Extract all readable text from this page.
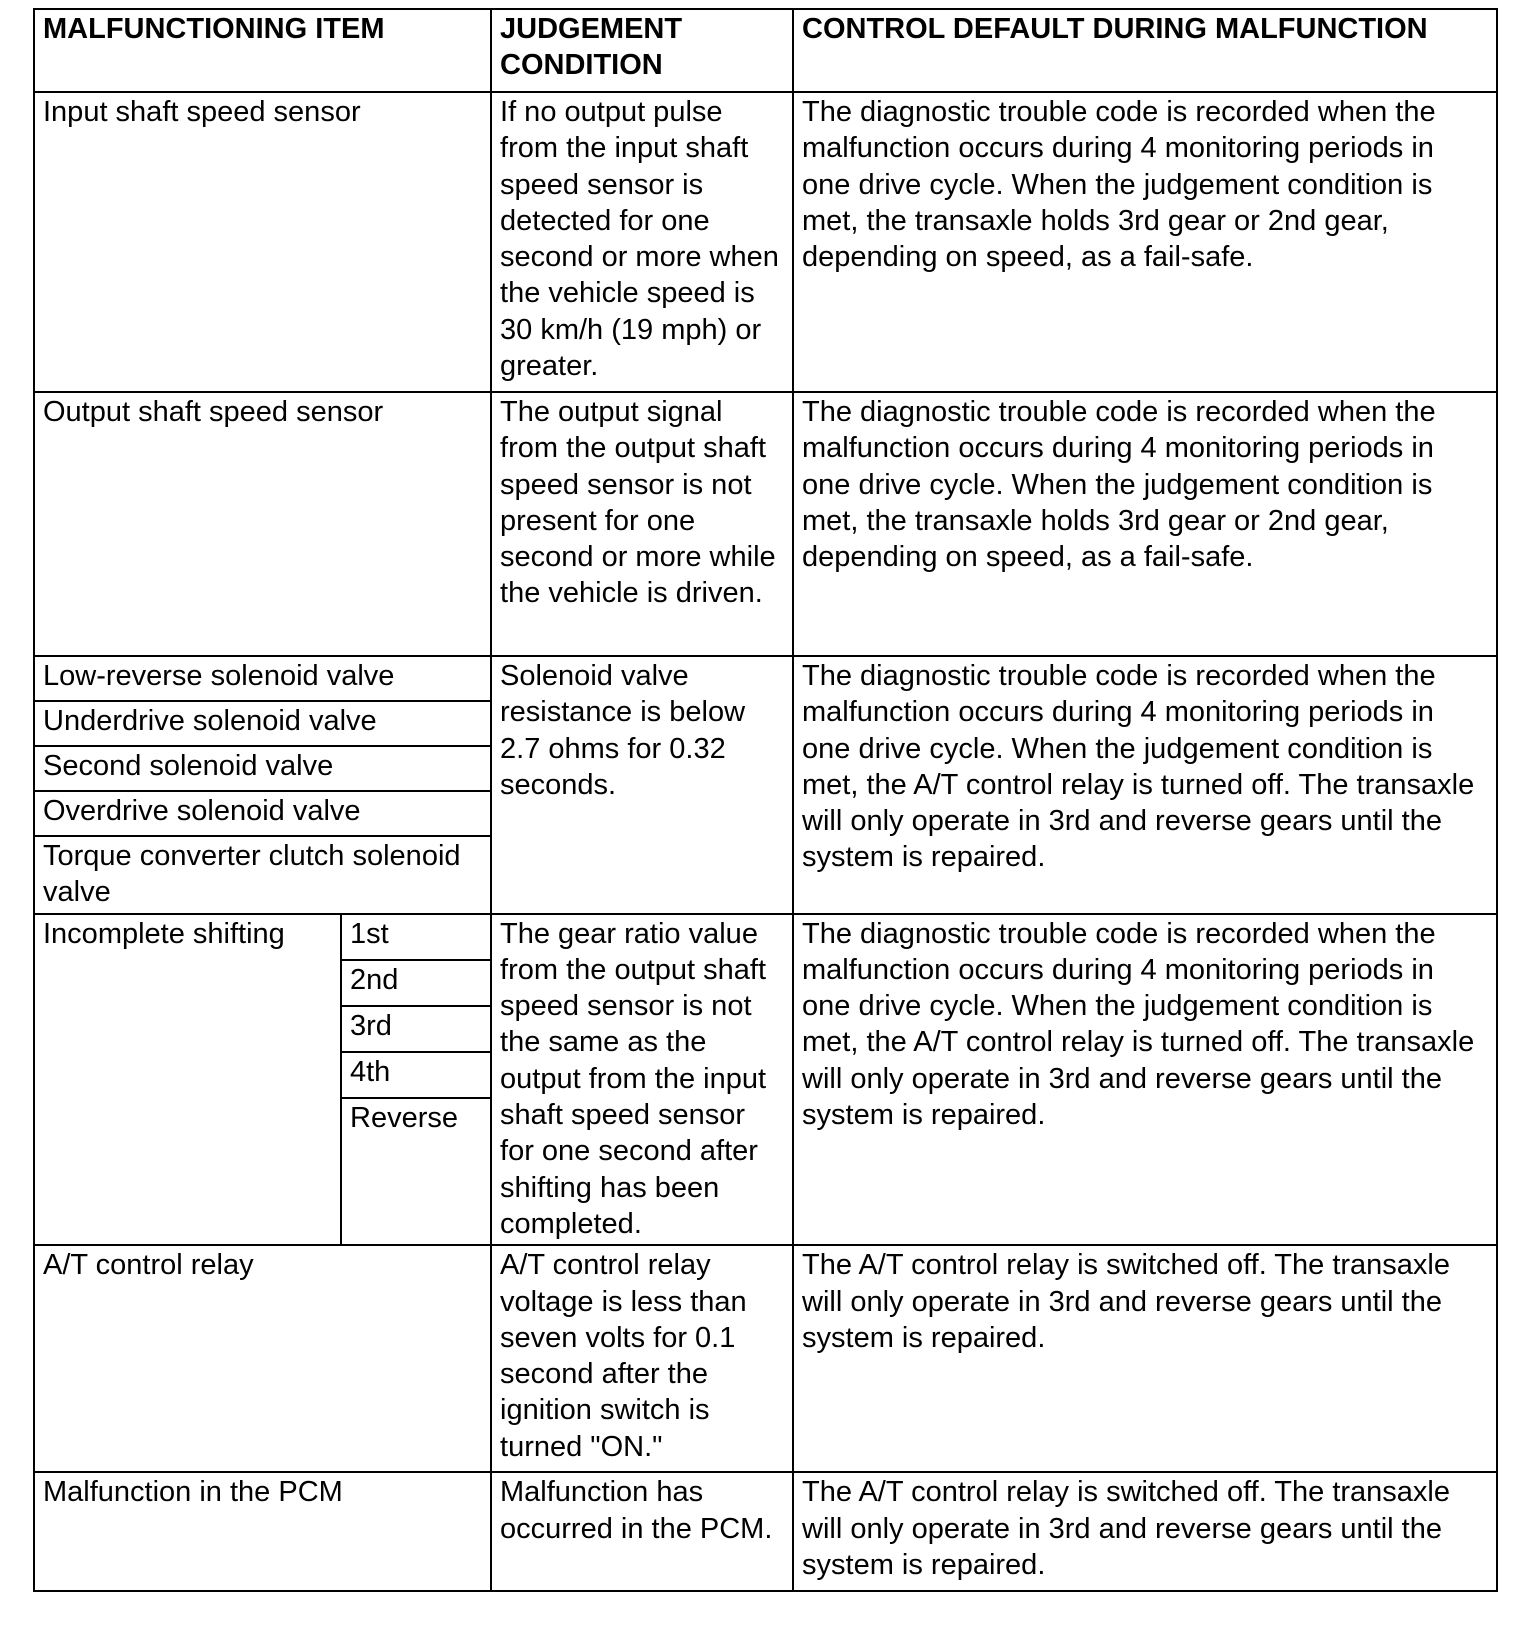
MALFUNCTIONING ITEM		JUDGEMENT CONDITION	CONTROL DEFAULT DURING MALFUNCTION
Input shaft speed sensor		If no output pulse from the input shaft speed sensor is detected for one second or more when the vehicle speed is 30 km/h (19 mph) or greater.	The diagnostic trouble code is recorded when the malfunction occurs during 4 monitoring periods in one drive cycle. When the judgement condition is met, the transaxle holds 3rd gear or 2nd gear, depending on speed, as a fail-safe.
Output shaft speed sensor		The output signal from the output shaft speed sensor is not present for one second or more while the vehicle is driven.	The diagnostic trouble code is recorded when the malfunction occurs during 4 monitoring periods in one drive cycle. When the judgement condition is met, the transaxle holds 3rd gear or 2nd gear, depending on speed, as a fail-safe.
Low-reverse solenoid valve		Solenoid valve resistance is below 2.7 ohms for 0.32 seconds.	The diagnostic trouble code is recorded when the malfunction occurs during 4 monitoring periods in one drive cycle. When the judgement condition is met, the A/T control relay is turned off. The transaxle will only operate in 3rd and reverse gears until the system is repaired.
Underdrive solenoid valve			
Second solenoid valve			
Overdrive solenoid valve			
Torque converter clutch solenoid valve			
Incomplete shifting	1st	The gear ratio value from the output shaft speed sensor is not the same as the output from the input shaft speed sensor for one second after shifting has been completed.	The diagnostic trouble code is recorded when the malfunction occurs during 4 monitoring periods in one drive cycle. When the judgement condition is met, the A/T control relay is turned off. The transaxle will only operate in 3rd and reverse gears until the system is repaired.
	2nd		
	3rd		
	4th		
	Reverse		
A/T control relay		A/T control relay voltage is less than seven volts for 0.1 second after the ignition switch is turned "ON."	The A/T control relay is switched off. The transaxle will only operate in 3rd and reverse gears until the system is repaired.
Malfunction in the PCM		Malfunction has occurred in the PCM.	The A/T control relay is switched off. The transaxle will only operate in 3rd and reverse gears until the system is repaired.
